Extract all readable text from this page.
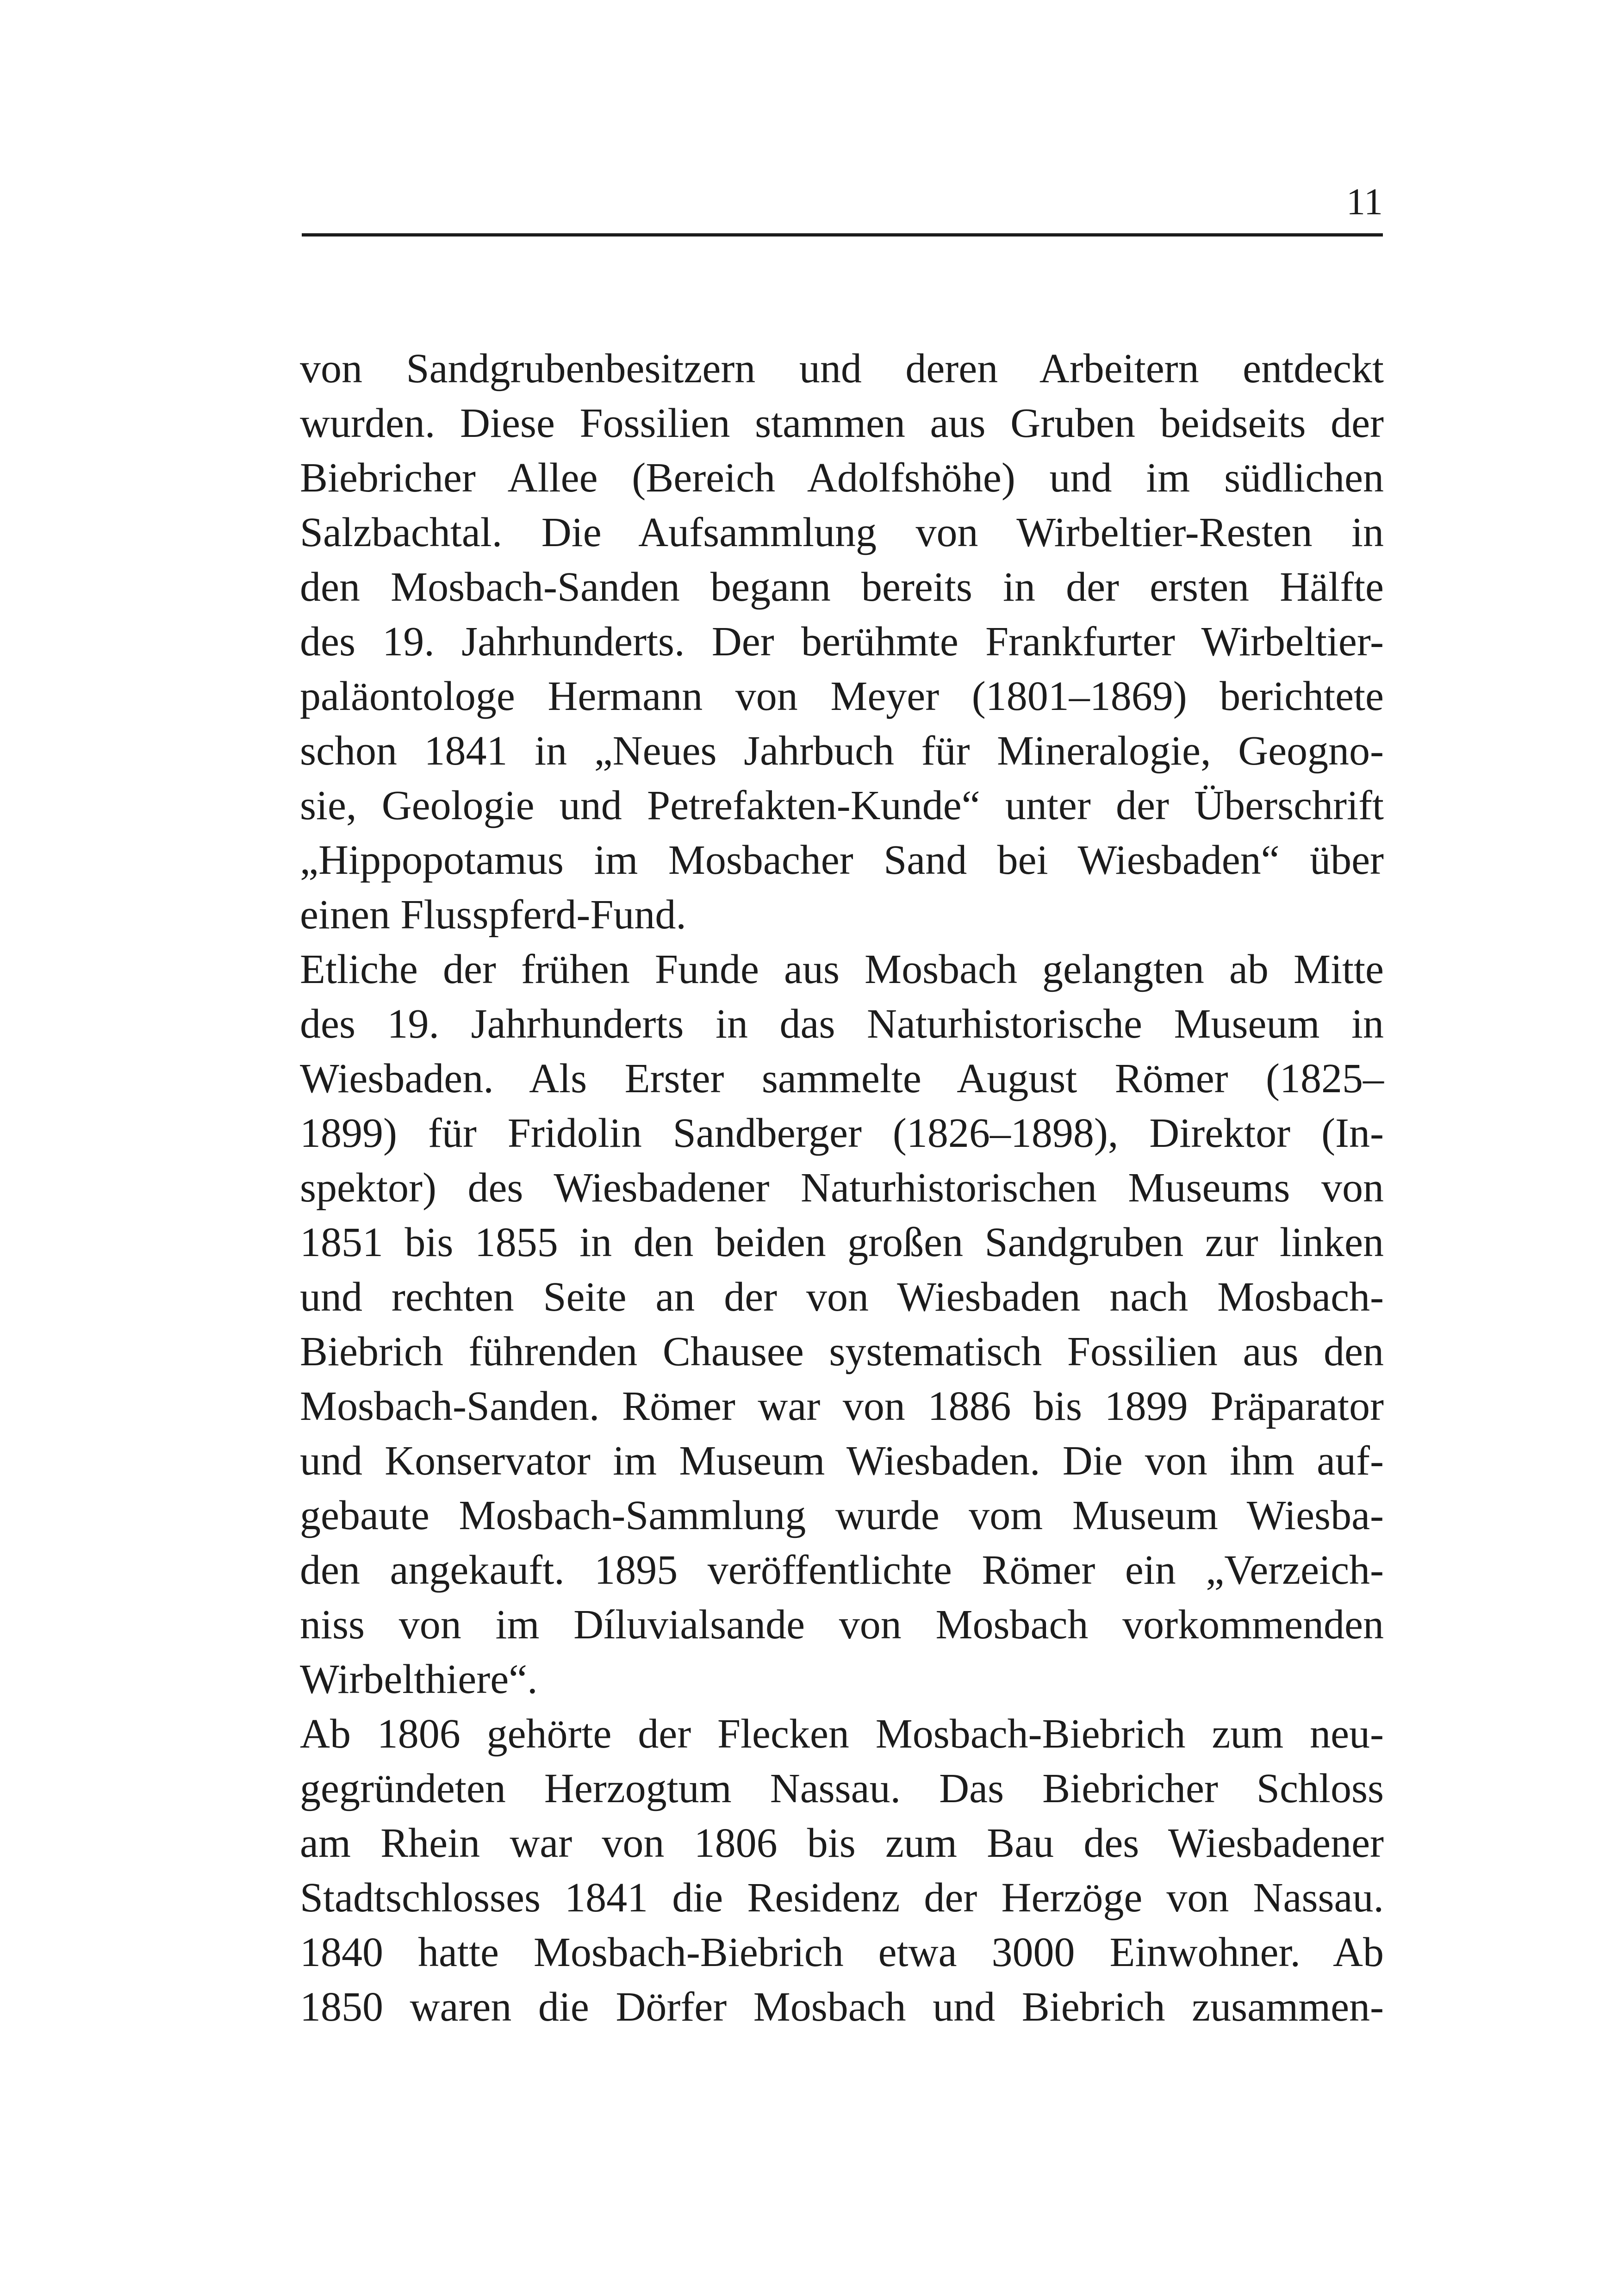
11
von Sandgrubenbesitzern und deren Arbeitern entdeckt
wurden. Diese Fossilien stammen aus Gruben beidseits der
Biebricher Allee (Bereich Adolfshöhe) und im südlichen
Salzbachtal. Die Aufsammlung von Wirbeltier-Resten in
den Mosbach-Sanden begann bereits in der ersten Hälfte
des 19. Jahrhunderts. Der berühmte Frankfurter Wirbeltier-
paläontologe Hermann von Meyer (1801–1869) berichtete
schon 1841 in „Neues Jahrbuch für Mineralogie, Geogno-
sie, Geologie und Petrefakten-Kunde“ unter der Überschrift
„Hippopotamus im Mosbacher Sand bei Wiesbaden“ über
einen Flusspferd-Fund.
Etliche der frühen Funde aus Mosbach gelangten ab Mitte
des 19. Jahrhunderts in das Naturhistorische Museum in
Wiesbaden. Als Erster sammelte August Römer (1825–
1899) für Fridolin Sandberger (1826–1898), Direktor (In-
spektor) des Wiesbadener Naturhistorischen Museums von
1851 bis 1855 in den beiden großen Sandgruben zur linken
und rechten Seite an der von Wiesbaden nach Mosbach-
Biebrich führenden Chausee systematisch Fossilien aus den
Mosbach-Sanden. Römer war von 1886 bis 1899 Präparator
und Konservator im Museum Wiesbaden. Die von ihm auf-
gebaute Mosbach-Sammlung wurde vom Museum Wiesba-
den angekauft. 1895 veröffentlichte Römer ein „Verzeich-
niss von im Díluvialsande von Mosbach vorkommenden
Wirbelthiere“.
Ab 1806 gehörte der Flecken Mosbach-Biebrich zum neu-
gegründeten Herzogtum Nassau. Das Biebricher Schloss
am Rhein war von 1806 bis zum Bau des Wiesbadener
Stadtschlosses 1841 die Residenz der Herzöge von Nassau.
1840 hatte Mosbach-Biebrich etwa 3000 Einwohner. Ab
1850 waren die Dörfer Mosbach und Biebrich zusammen-
